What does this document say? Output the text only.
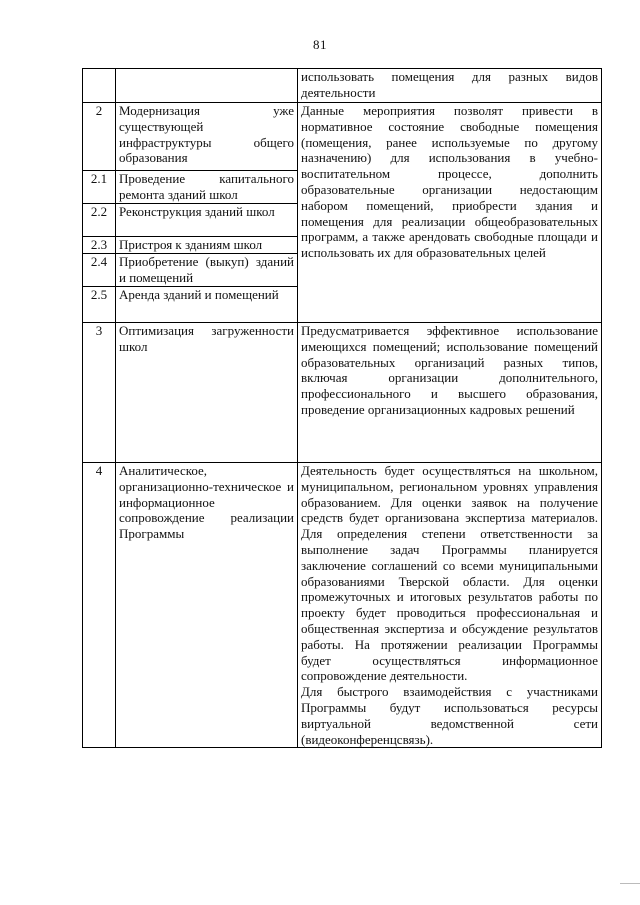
81

		использовать помещения для разных видов деятельности

2	Модернизация уже существующей инфраструктуры общего образования	Данные мероприятия позволят привести в нормативное состояние свободные помещения (помещения, ранее используемые по другому назначению) для использования в учебно-воспитательном процессе, дополнить образовательные организации недостающим набором помещений, приобрести здания и помещения для реализации общеобразовательных программ, а также арендовать свободные площади и использовать их для образовательных целей

2.1	Проведение капитального ремонта зданий школ	

2.2	Реконструкция зданий школ	

2.3	Пристроя к зданиям школ	

2.4	Приобретение (выкуп) зданий и помещений	

2.5	Аренда зданий и помещений	

3	Оптимизация загруженности школ	Предусматривается эффективное использование имеющихся помещений; использование помещений образовательных организаций разных типов, включая организации дополнительного, профессионального и высшего образования, проведение организационных кадровых решений

4	Аналитическое, организационно-техническое и информационное сопровождение реализации Программы	Деятельность будет осуществляться на школьном, муниципальном, региональном уровнях управления образованием. Для оценки заявок на получение средств будет организована экспертиза материалов. Для определения степени ответственности за выполнение задач Программы планируется заключение соглашений со всеми муниципальными образованиями Тверской области. Для оценки промежуточных и итоговых результатов работы по проекту будет проводиться профессиональная и общественная экспертиза и обсуждение результатов работы. На протяжении реализации Программы будет осуществляться информационное сопровождение деятельности.
Для быстрого взаимодействия с участниками Программы будут использоваться ресурсы виртуальной ведомственной сети (видеоконференцсвязь).
